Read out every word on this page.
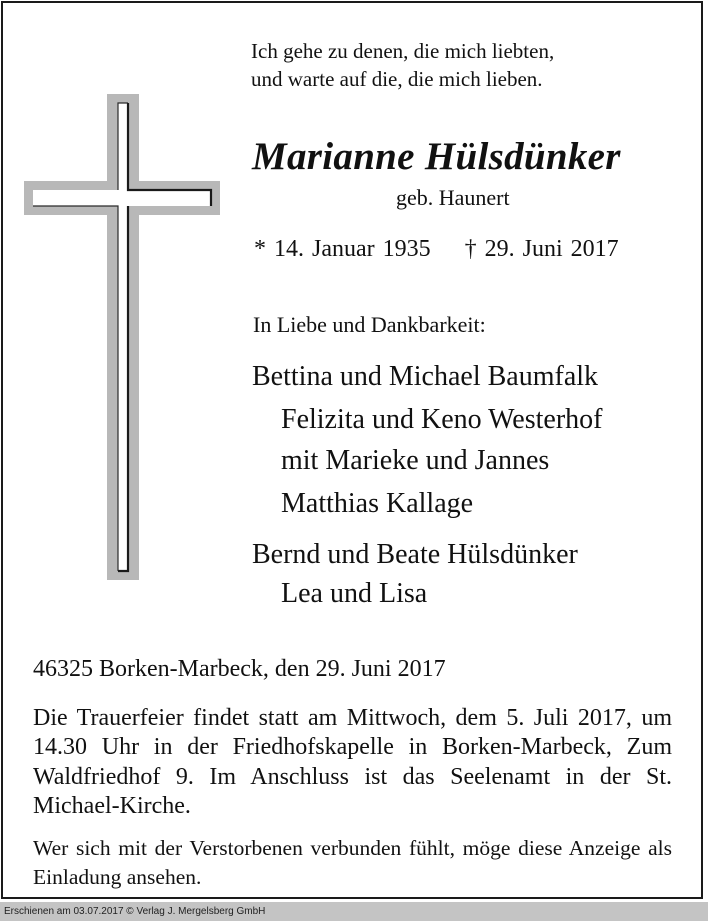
Ich gehe zu denen, die mich liebten,
und warte auf die, die mich lieben.
Marianne Hülsdünker
geb. Haunert
* 14. Januar 1935 † 29. Juni 2017
In Liebe und Dankbarkeit:
Bettina und Michael Baumfalk
Felizita und Keno Westerhof
mit Marieke und Jannes
Matthias Kallage
Bernd und Beate Hülsdünker
Lea und Lisa
46325 Borken-Marbeck, den 29. Juni 2017
Die Trauerfeier findet statt am Mittwoch, dem 5. Juli 2017, um 14.30 Uhr in der Friedhofskapelle in Borken-Marbeck, Zum Waldfriedhof 9. Im Anschluss ist das Seelenamt in der St. Michael-Kirche.
Wer sich mit der Verstorbenen verbunden fühlt, möge diese Anzeige als Einladung ansehen.
Erschienen am 03.07.2017 © Verlag J. Mergelsberg GmbH
